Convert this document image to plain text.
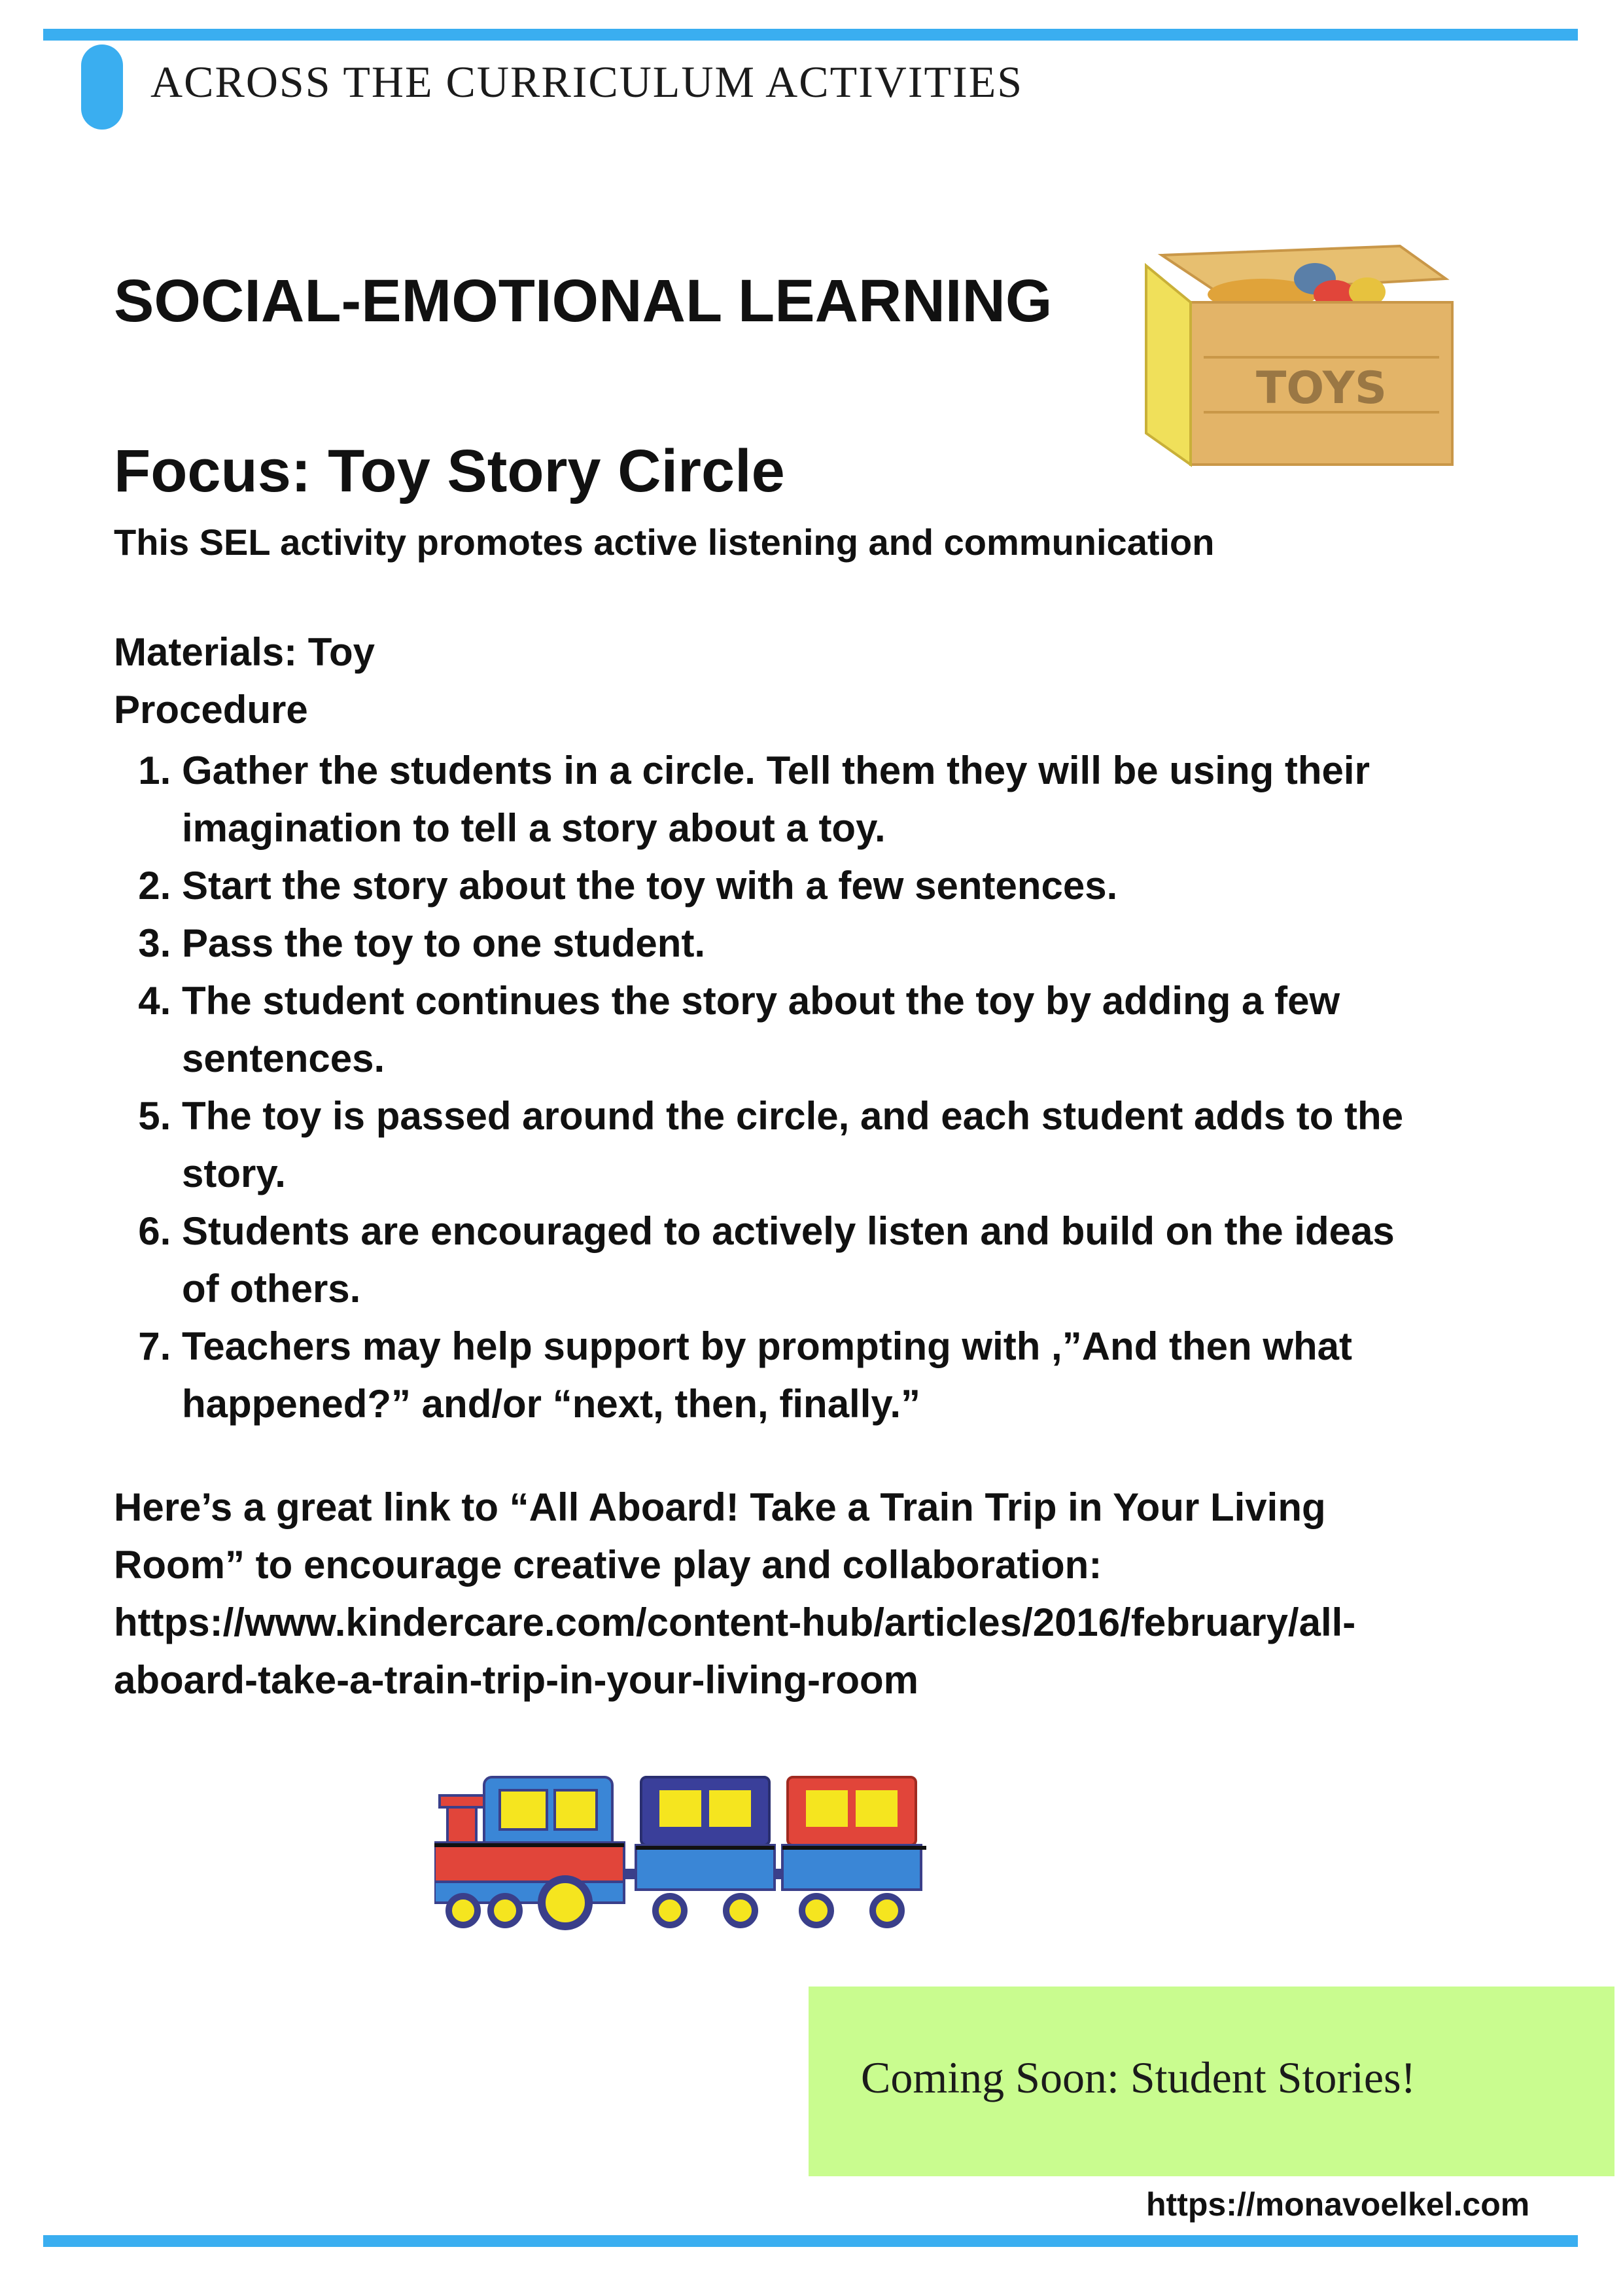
ACROSS THE CURRICULUM ACTIVITIES
SOCIAL-EMOTIONAL LEARNING
TOYS
Focus: Toy Story Circle

This SEL activity promotes active listening and communication

Materials: Toy

Procedure

1. Gather the students in a circle. Tell them they will be using their imagination to tell a story about a toy.
2. Start the story about the toy with a few sentences.
3. Pass the toy to one student.
4. The student continues the story about the toy by adding a few sentences.
5. The toy is passed around the circle, and each student adds to the story.
6. Students are encouraged to actively listen and build on the ideas of others.
7. Teachers may help support by prompting with ,”And then what happened?” and/or “next, then, finally.”

Here’s a great link to “All Aboard! Take a Train Trip in Your Living Room” to encourage creative play and collaboration: https://www.kindercare.com/content-hub/articles/2016/february/all-aboard-take-a-train-trip-in-your-living-room

Coming Soon: Student Stories!

https://monavoelkel.com
